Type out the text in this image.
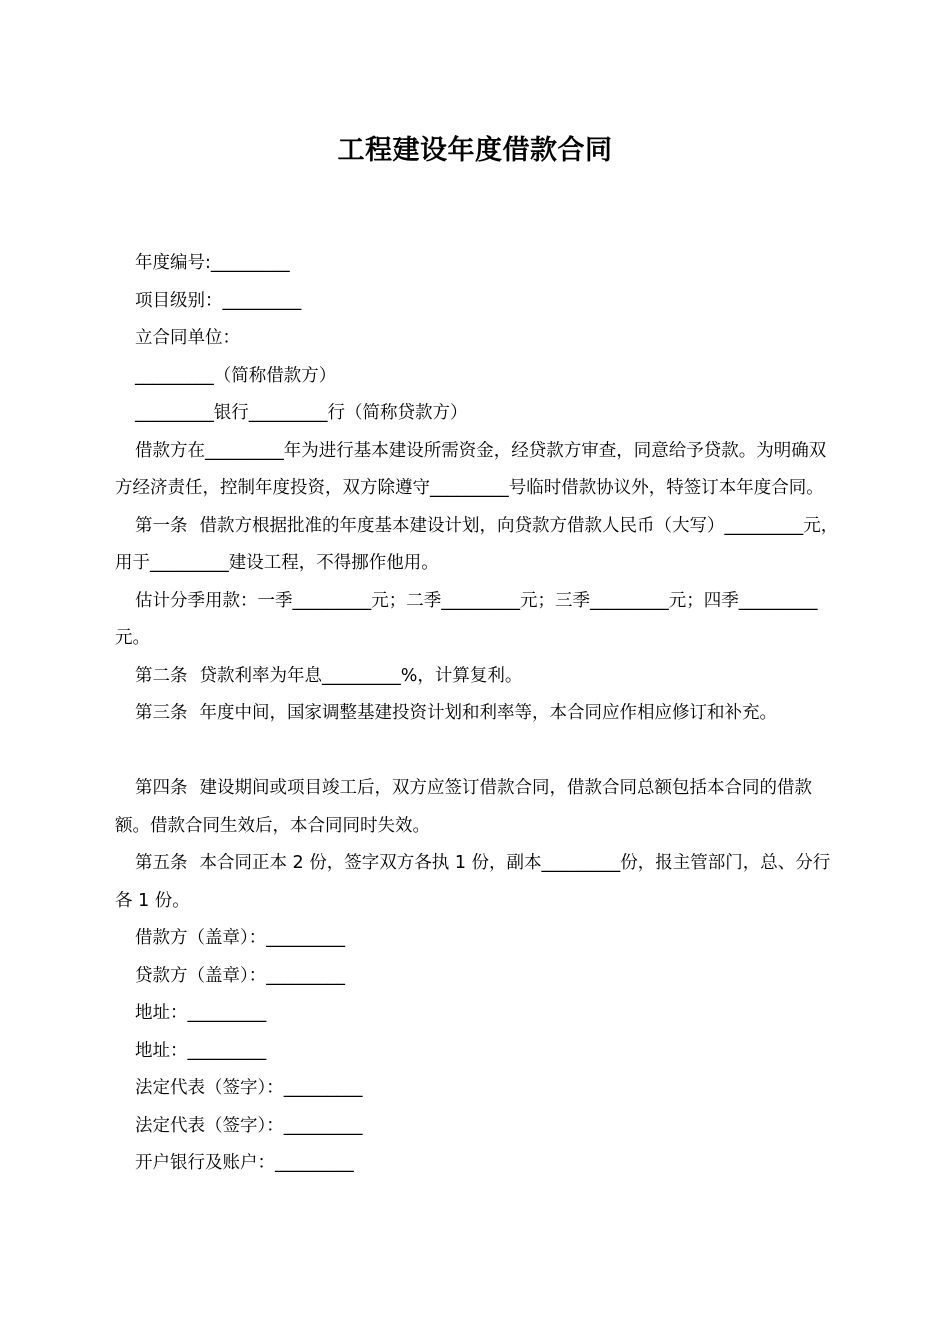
工程建设年度借款合同

年度编号:_________

项目级别：_________

立合同单位：

_________（简称借款方）

_________银行_________行（简称贷款方）

借款方在_________年为进行基本建设所需资金，经贷款方审查，同意给予贷款。为明确双方经济责任，控制年度投资，双方除遵守_________号临时借款协议外，特签订本年度合同。

第一条 借款方根据批准的年度基本建设计划，向贷款方借款人民币（大写）_________元，用于_________建设工程，不得挪作他用。

估计分季用款：一季_________元；二季_________元；三季_________元；四季_________元。

第二条 贷款利率为年息_________%，计算复利。

第三条 年度中间，国家调整基建投资计划和利率等，本合同应作相应修订和补充。

第四条 建设期间或项目竣工后，双方应签订借款合同，借款合同总额包括本合同的借款额。借款合同生效后，本合同同时失效。

第五条 本合同正本 2 份，签字双方各执 1 份，副本_________份，报主管部门，总、分行各 1 份。

借款方（盖章）：_________

贷款方（盖章）：_________

地址：_________

地址：_________

法定代表（签字）：_________

法定代表（签字）：_________

开户银行及账户：_________
